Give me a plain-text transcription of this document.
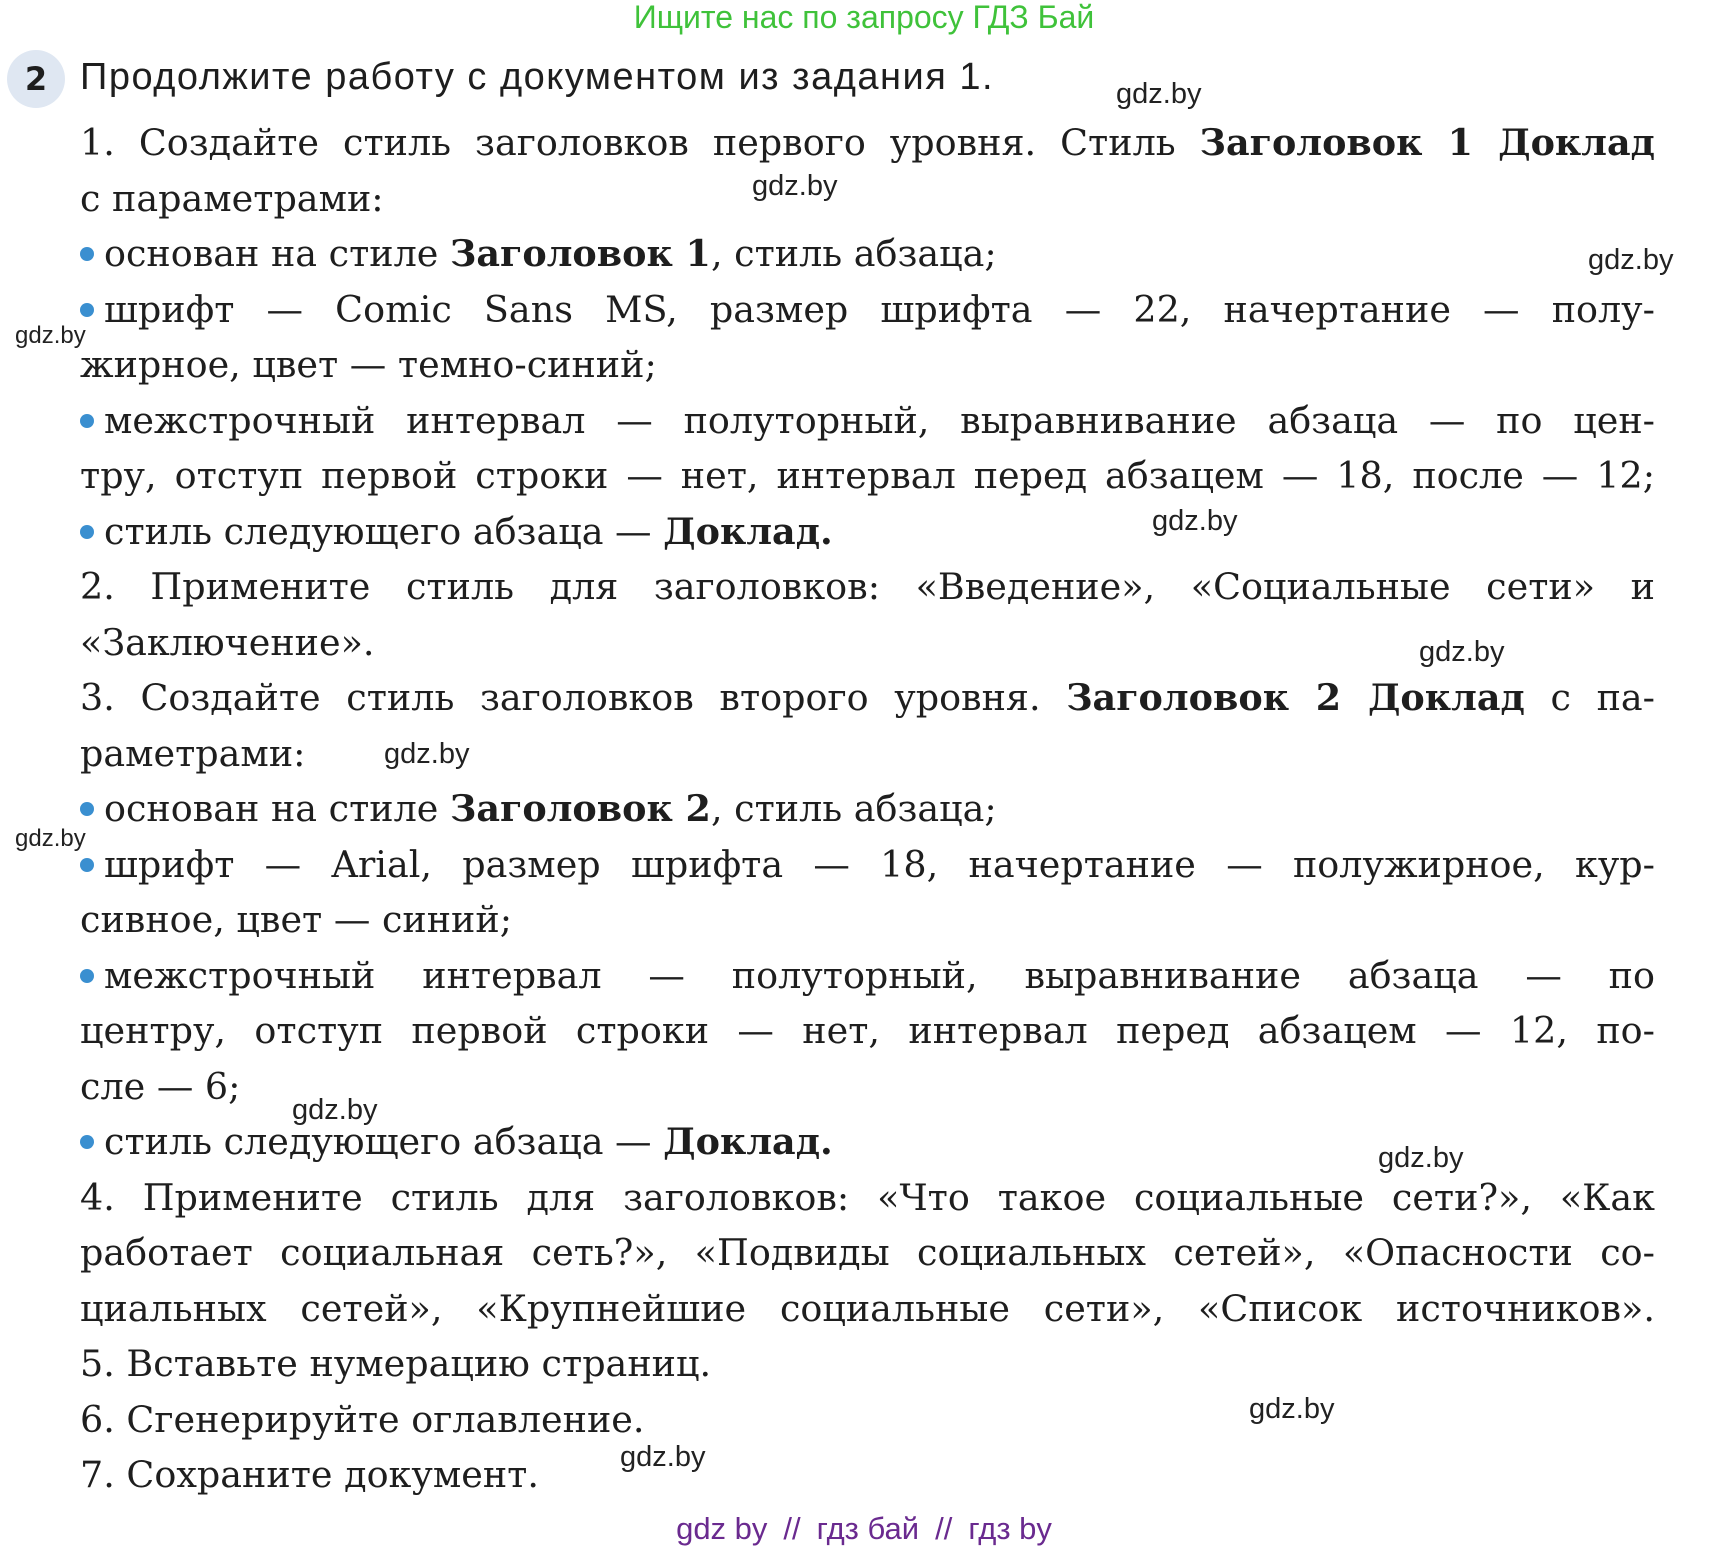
Ищите нас по запросу ГДЗ Бай
2 Продолжите работу с документом из задания 1.
1. Создайте стиль заголовков первого уровня. Стиль Заголовок 1 Доклад
с параметрами:
основан на стиле Заголовок 1, стиль абзаца;
шрифт — Comic Sans MS, размер шрифта — 22, начертание — полу-
жирное, цвет — темно-синий;
межстрочный интервал — полуторный, выравнивание абзаца — по цен-
тру, отступ первой строки — нет, интервал перед абзацем — 18, после — 12;
стиль следующего абзаца — Доклад.
2. Примените стиль для заголовков: «Введение», «Социальные сети» и
«Заключение».
3. Создайте стиль заголовков второго уровня. Заголовок 2 Доклад с па-
раметрами:
основан на стиле Заголовок 2, стиль абзаца;
шрифт — Arial, размер шрифта — 18, начертание — полужирное, кур-
сивное, цвет — синий;
межстрочный интервал — полуторный, выравнивание абзаца — по
центру, отступ первой строки — нет, интервал перед абзацем — 12, по-
сле — 6;
стиль следующего абзаца — Доклад.
4. Примените стиль для заголовков: «Что такое социальные сети?», «Как
работает социальная сеть?», «Подвиды социальных сетей», «Опасности со-
циальных сетей», «Крупнейшие социальные сети», «Список источников».
5. Вставьте нумерацию страниц.
6. Сгенерируйте оглавление.
7. Сохраните документ.
gdz.by
gdz.by
gdz.by
gdz.by
gdz.by
gdz.by
gdz.by
gdz.by
gdz.by
gdz.by
gdz.by
gdz.by
gdz by // гдз бай // гдз by
